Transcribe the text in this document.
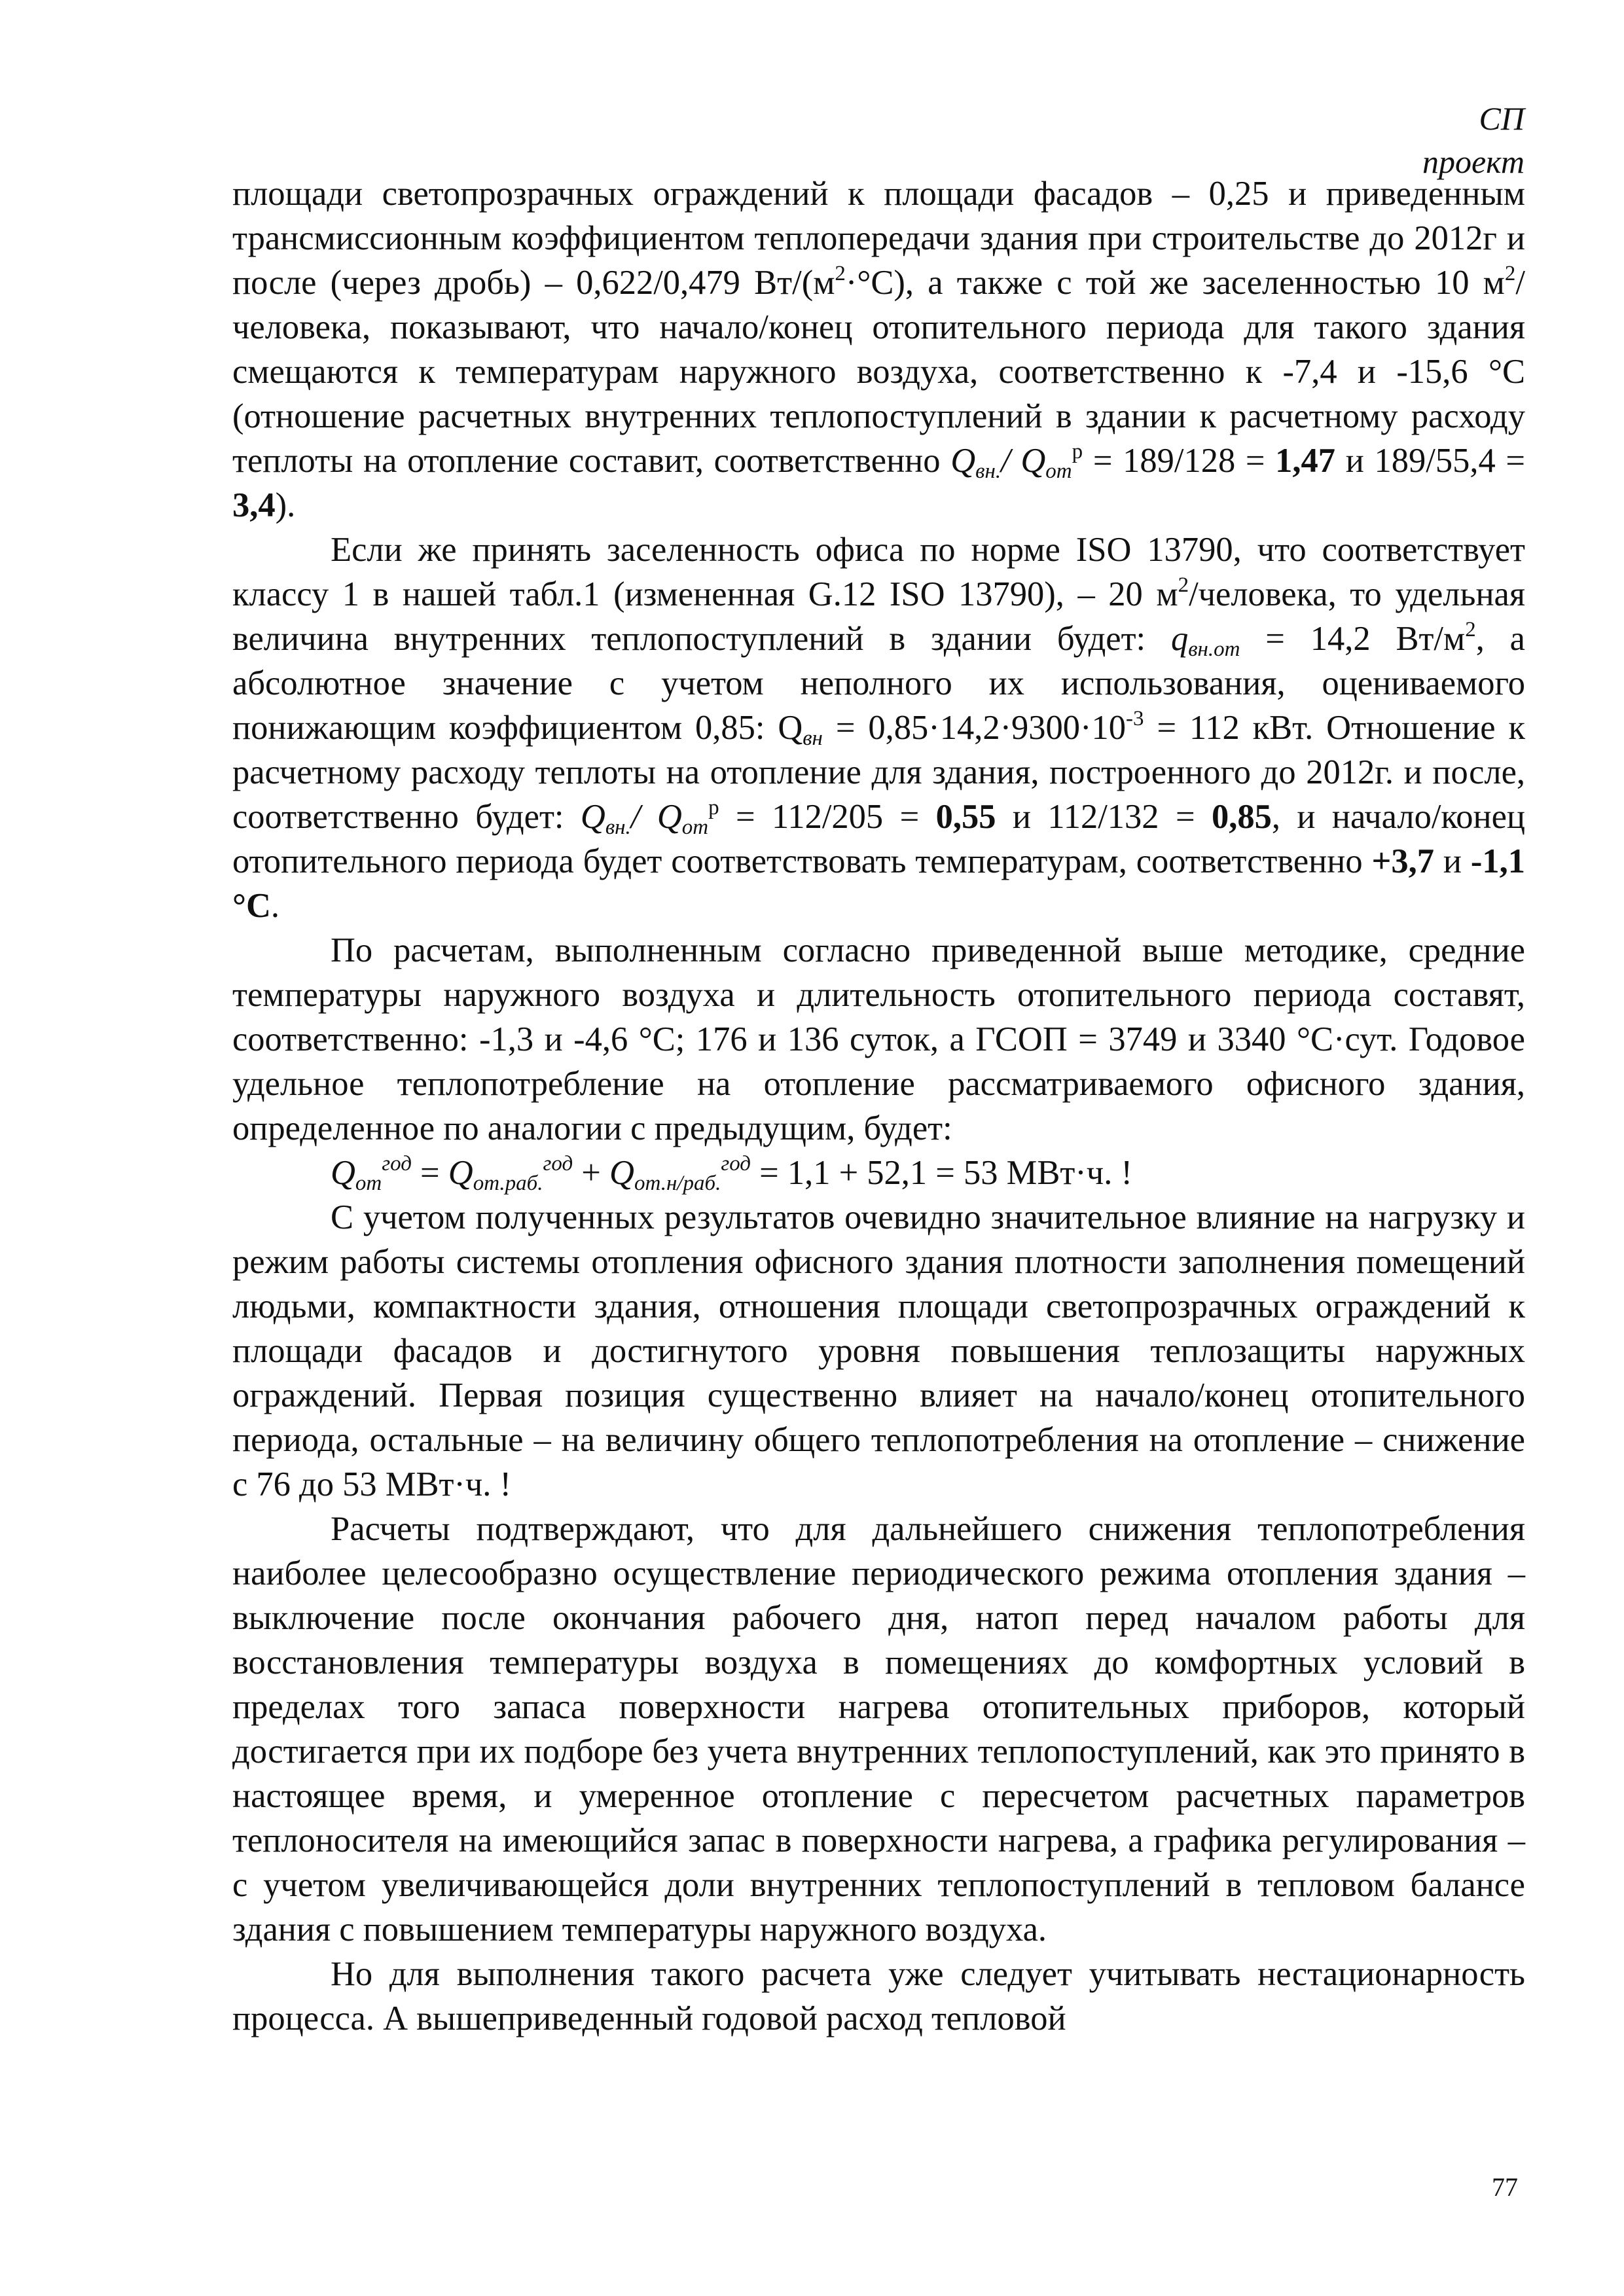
СП
проект

площади светопрозрачных ограждений к площади фасадов – 0,25 и приведенным трансмиссионным коэффициентом теплопередачи здания при строительстве до 2012г и после (через дробь) – 0,622/0,479 $Вт/(м^2\cdot^\circ С)$, а также с той же заселенностью 10 $м^2$/человека, показывают, что начало/конец отопительного периода для такого здания смещаются к температурам наружного воздуха, соответственно к -7,4 и -15,6 °С (отношение расчетных внутренних теплопоступлений в здании к расчетному расходу теплоты на отопление составит, соответственно $Q_{вн.}/$ $Q_{от}^р = 189/128 = 1,47$ и 189/55,4 = 3,4).

Если же принять заселенность офиса по норме ISO 13790, что соответствует классу 1 в нашей табл.1 (измененная G.12 ISO 13790), – 20 $м^2$/человека, то удельная величина внутренних теплопоступлений в здании будет: $q_{вн.от} = 14,2$ $Вт/м^2$, а абсолютное значение с учетом неполного их использования, оцениваемого понижающим коэффициентом 0,85: $Q_{вн} = 0,85\cdot 14,2\cdot 9300\cdot 10^{-3} = 112$ кВт. Отношение к расчетному расходу теплоты на отопление для здания, построенного до 2012г. и после, соответственно будет: $Q_{вн.}/$ $Q_{от}^р = 112/205 = 0,55$ и 112/132 = 0,85, и начало/конец отопительного периода будет соответствовать температурам, соответственно +3,7 и -1,1 °С.

По расчетам, выполненным согласно приведенной выше методике, средние температуры наружного воздуха и длительность отопительного периода составят, соответственно: -1,3 и -4,6 °С; 176 и 136 суток, а ГСОП = 3749 и 3340 °С·сут. Годовое удельное теплопотребление на отопление рассматриваемого офисного здания, определенное по аналогии с предыдущим, будет:

$Q_{от}^{год} = Q_{от.раб.}^{год} + Q_{от.н/раб.}^{год} = 1,1 + 52,1 = 53$ МВт·ч. !

С учетом полученных результатов очевидно значительное влияние на нагрузку и режим работы системы отопления офисного здания плотности заполнения помещений людьми, компактности здания, отношения площади светопрозрачных ограждений к площади фасадов и достигнутого уровня повышения теплозащиты наружных ограждений. Первая позиция существенно влияет на начало/конец отопительного периода, остальные – на величину общего теплопотребления на отопление – снижение с 76 до 53 МВт·ч. !

Расчеты подтверждают, что для дальнейшего снижения теплопотребления наиболее целесообразно осуществление периодического режима отопления здания – выключение после окончания рабочего дня, натоп перед началом работы для восстановления температуры воздуха в помещениях до комфортных условий в пределах того запаса поверхности нагрева отопительных приборов, который достигается при их подборе без учета внутренних теплопоступлений, как это принято в настоящее время, и умеренное отопление с пересчетом расчетных параметров теплоносителя на имеющийся запас в поверхности нагрева, а графика регулирования – с учетом увеличивающейся доли внутренних теплопоступлений в тепловом балансе здания с повышением температуры наружного воздуха.

Но для выполнения такого расчета уже следует учитывать нестационарность процесса. А вышеприведенный годовой расход тепловой

77
